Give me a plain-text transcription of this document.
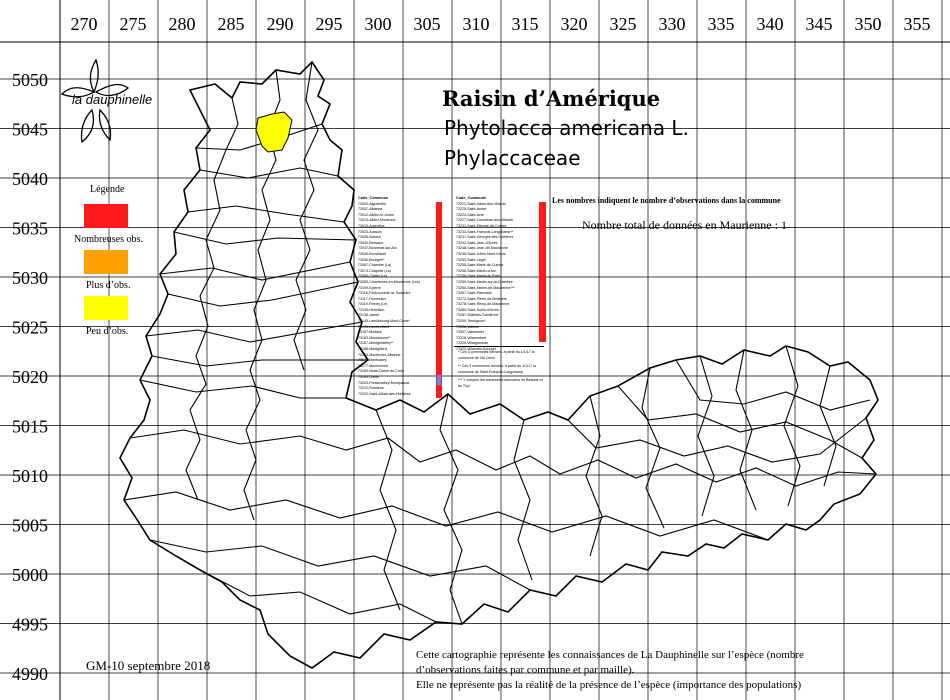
270 275 280 285 290 295 300 305 310 315 320 325 330 335 340 345 350 355
5050
5045
5040
5035
5030
5025
5020
5015
5010
5005
5000
4995
4990
Raisin d’Amérique
Phytolacca americana L.
Phylaccaceae
la dauphinelle
Légende
Nombreuses obs.
Plus d’obs.
Peu d’obs.
Code_Commune
73002-Aiguebelle
73007-Albanne
73012-Albiez-le-Jeune
73013-Albiez-Montrond
73019-Argentine
73023-Aussois
73026-Avrieux
73040-Bessans
73047-Bonneval-sur-Arc
73049-Bonvillaret
73056-Bourget**
73067-Chambre (La)
73074-Chapelle (La)
73080-Châtel (Le)
73083-Chavannes-en-Maurienne (Les)
73109-Epierre
73116-Fontcouverte-la-Toussuire
73117-Fourneaux
73119-Freney (Le)
73135-Hermillon
73138-Jarrier
73145-Lanslebourg-Mont-Cenis*
73146-Lanslevillard*
73157-Modane
73163-Montaimont**
73167-Montgellafrey**
73168-Montgilbert
73173-Montricher-Albanne
73175-Montsapey
73177-Montvernier
73189-Notre-Dame-du-Cruet
73194-Orelle
73203-Pontamafrey-Montpascal
73212-Randens
73220-Saint-Alban-des-Hurtières
Code_Commune
73221-Saint-Alban-des-Villards
73225-Saint-André
73224-Saint-Avre
73227-Saint-Colomban-des-Villards
73231-Saint-Etienne-de-Cuines
73233-Saint-François-Longchamp**
73237-Saint-Georges-des-Hurtières
73242-Saint-Jean-d'Arves
73248-Saint-Jean-de-Maurienne
73249-Saint-Julien-Mont-Denis
73253-Saint-Léger
73255-Saint-Marie-de-Cuines
73256-Saint-Martin-d'Arc
73258-Saint-Martin-la-Porte
73259-Saint-Martin-sur-la-Chambre
73260-Saint-Michel-de-Maurienne***
73267-Saint-Pancrace
73272-Saint-Pierre-de-Belleville
73278-Saint-Rémy-de-Maurienne
73280-Saint-Sorlin-d'Arves
73287-Sollières-Sardières*
73290-Termignon*
73306-Valloire
73307-Valmeinier
73318-Villarembert
73320-Villargondran
73323-Villarodin-Bourget
* Ces 3 communes forment, à partir du 1/1/17 la commune de Val Cenis
** Ces 3 communes forment, à partir du 1/1/17 la commune de Saint-François-Longchamp
*** Y compris les communes associées de Beaune et du Thyl
Les nombres indiquent le nombre d’observations dans la commune
Nombre total de données en Maurienne : 1
GM-10 septembre 2018
Cette cartographie représente les connaissances de La Dauphinelle sur l’espèce (nombre
d’observations faites par commune et par maille).
Elle ne représente pas la réalité de la présence de l’espèce (importance des populations)
